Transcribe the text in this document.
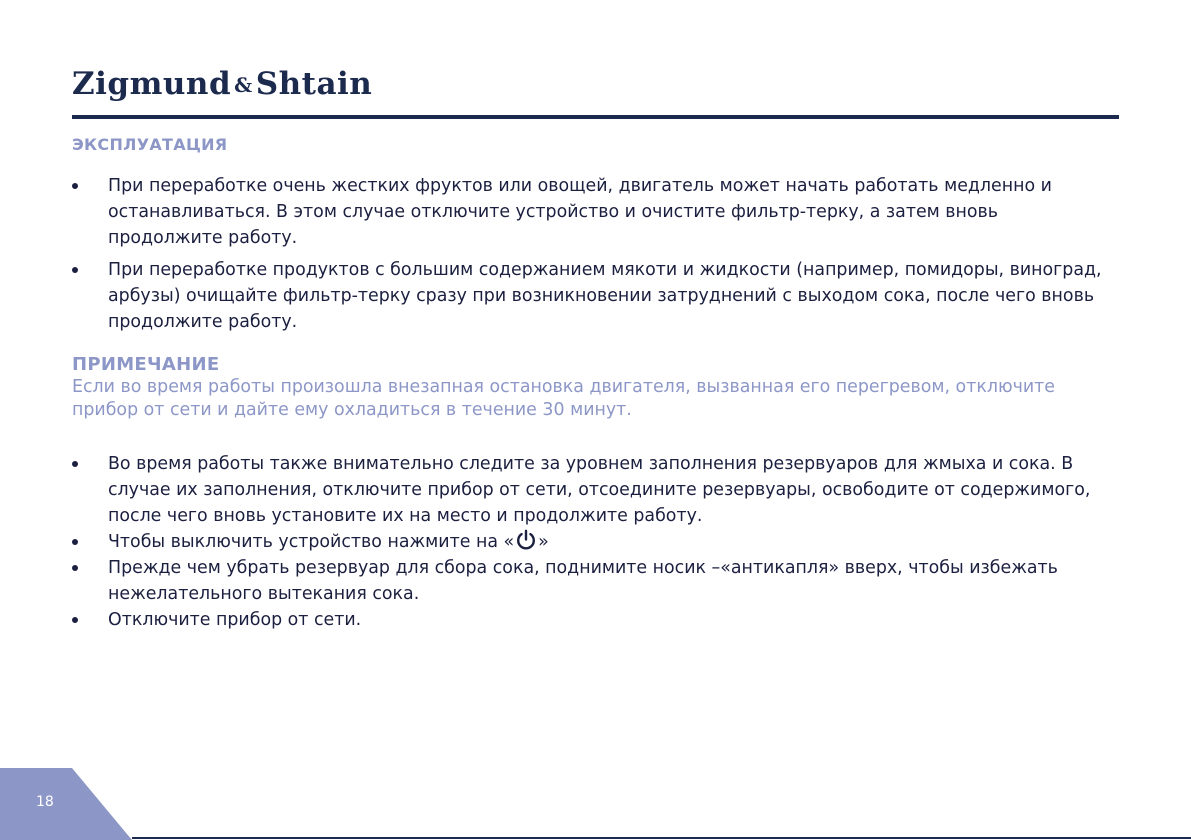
Zigmund &Shtain
ЭКСПЛУАТАЦИЯ
При переработке очень жестких фруктов или овощей, двигатель может начать работать медленно и останавливаться. В этом случае отключите устройство и очистите фильтр-терку, а затем вновь продолжите работу.
При переработке продуктов с большим содержанием мякоти и жидкости (например, помидоры, виноград, арбузы) очищайте фильтр-терку сразу при возникновении затруднений с выходом сока, после чего вновь продолжите работу.
ПРИМЕЧАНИЕ

Если во время работы произошла внезапная остановка двигателя, вызванная его перегревом, отключите прибор от сети и дайте ему охладиться в течение 30 минут.

Во время работы также внимательно следите за уровнем заполнения резервуаров для жмыха и сока. В случае их заполнения, отключите прибор от сети, отсоедините резервуары, освободите от содержимого, после чего вновь установите их на место и продолжите работу.
Чтобы выключить устройство нажмите на « »
Прежде чем убрать резервуар для сбора сока, поднимите носик –«антикапля» вверх, чтобы избежать нежелательного вытекания сока.
Отключите прибор от сети.
18
